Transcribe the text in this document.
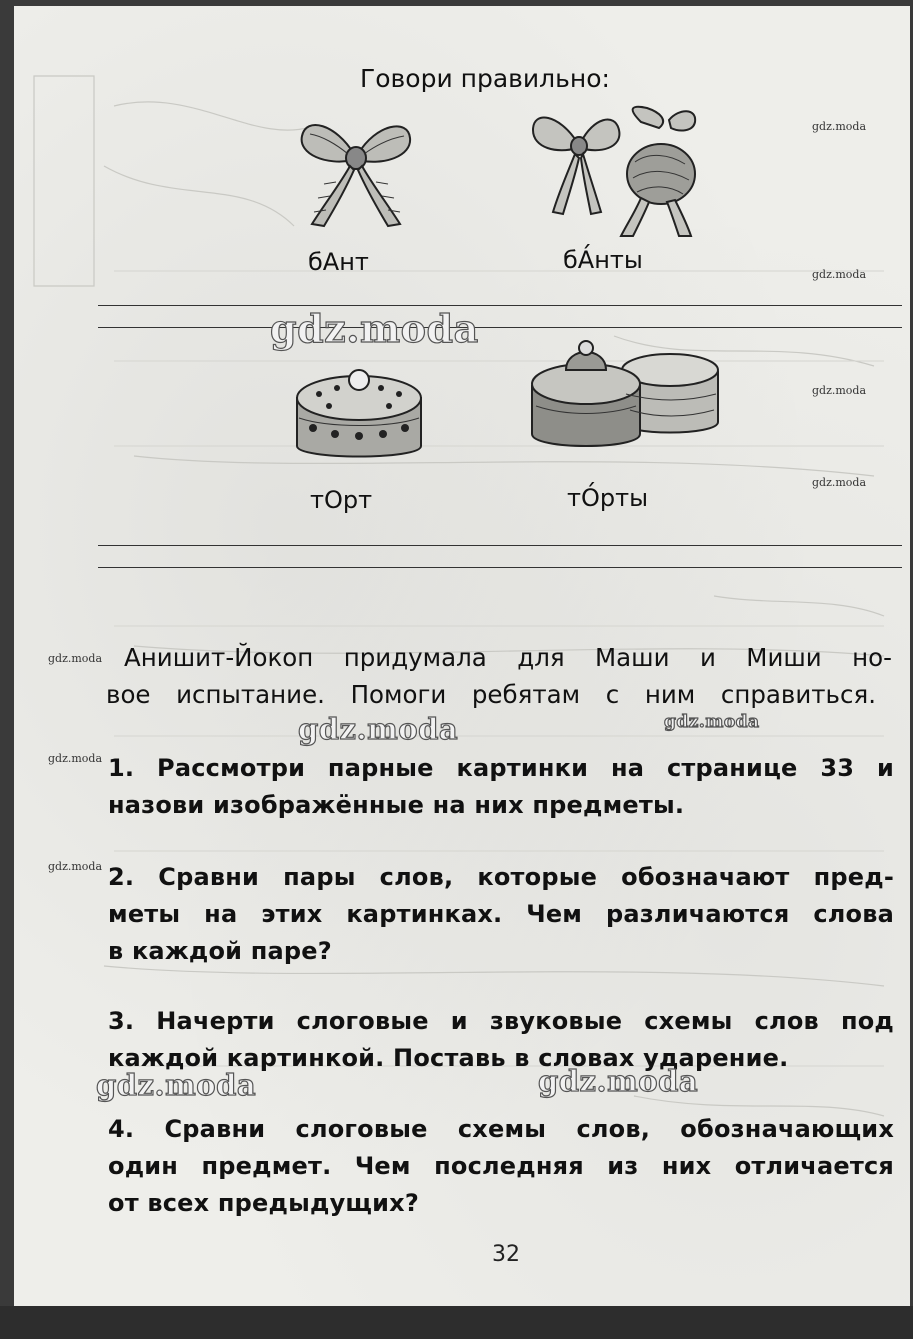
Говори правильно:
бАнт	бА́нты
тОрт	тО́рты
Анишит-Йокоп придумала для Маши и Миши но-
вое испытание. Помоги ребятам с ним справиться.
1. Рассмотри парные картинки на странице 33 и
назови изображённые на них предметы.
2. Сравни пары слов, которые обозначают пред-
меты на этих картинках. Чем различаются слова
в каждой паре?
3. Начерти слоговые и звуковые схемы слов под
каждой картинкой. Поставь в словах ударение.
4. Сравни слоговые схемы слов, обозначающих
один предмет. Чем последняя из них отличается
от всех предыдущих?
32
gdz.moda
gdz.moda
gdz.moda	gdz.moda
gdz.moda
gdz.moda
gdz.moda
gdz.moda
gdz.moda
gdz.moda
gdz.moda
gdz.moda
